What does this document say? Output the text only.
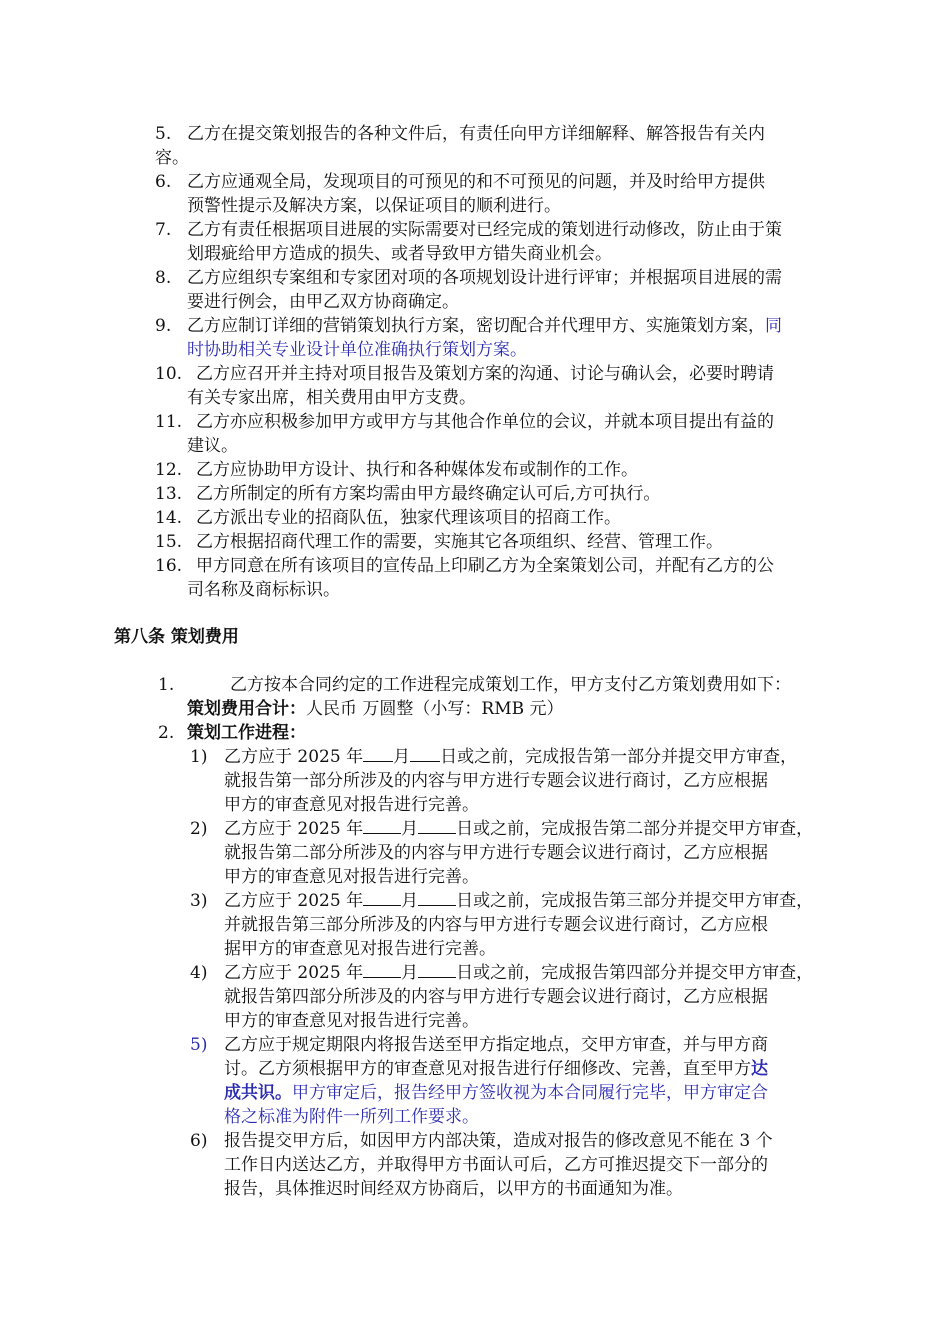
5. 乙方在提交策划报告的各种文件后，有责任向甲方详细解释、解答报告有关内
容。
6. 乙方应通观全局，发现项目的可预见的和不可预见的问题，并及时给甲方提供
预警性提示及解决方案，以保证项目的顺利进行。
7. 乙方有责任根据项目进展的实际需要对已经完成的策划进行动修改，防止由于策
划瑕疵给甲方造成的损失、或者导致甲方错失商业机会。
8. 乙方应组织专案组和专家团对项的各项规划设计进行评审；并根据项目进展的需
要进行例会，由甲乙双方协商确定。
9. 乙方应制订详细的营销策划执行方案，密切配合并代理甲方、实施策划方案，同
时协助相关专业设计单位准确执行策划方案。
10. 乙方应召开并主持对项目报告及策划方案的沟通、讨论与确认会，必要时聘请
有关专家出席，相关费用由甲方支费。
11. 乙方亦应积极参加甲方或甲方与其他合作单位的会议，并就本项目提出有益的
建议。
12. 乙方应协助甲方设计、执行和各种媒体发布或制作的工作。
13. 乙方所制定的所有方案均需由甲方最终确定认可后,方可执行。
14. 乙方派出专业的招商队伍，独家代理该项目的招商工作。
15. 乙方根据招商代理工作的需要，实施其它各项组织、经营、管理工作。
16. 甲方同意在所有该项目的宣传品上印刷乙方为全案策划公司，并配有乙方的公
司名称及商标标识。
第八条 策划费用
1.	乙方按本合同约定的工作进程完成策划工作，甲方支付乙方策划费用如下：
策划费用合计：人民币 万圆整（小写：RMB 元）
2. 策划工作进程：
1) 乙方应于 2025 年 月 日或之前，完成报告第一部分并提交甲方审查，
就报告第一部分所涉及的内容与甲方进行专题会议进行商讨，乙方应根据
甲方的审查意见对报告进行完善。
2) 乙方应于 2025 年 月 日或之前，完成报告第二部分并提交甲方审查，
就报告第二部分所涉及的内容与甲方进行专题会议进行商讨，乙方应根据
甲方的审查意见对报告进行完善。
3) 乙方应于 2025 年 月 日或之前，完成报告第三部分并提交甲方审查，
并就报告第三部分所涉及的内容与甲方进行专题会议进行商讨，乙方应根
据甲方的审查意见对报告进行完善。
4) 乙方应于 2025 年 月 日或之前，完成报告第四部分并提交甲方审查，
就报告第四部分所涉及的内容与甲方进行专题会议进行商讨，乙方应根据
甲方的审查意见对报告进行完善。
5) 乙方应于规定期限内将报告送至甲方指定地点，交甲方审查，并与甲方商
讨。乙方须根据甲方的审查意见对报告进行仔细修改、完善，直至甲方达
成共识。甲方审定后，报告经甲方签收视为本合同履行完毕，甲方审定合
格之标准为附件一所列工作要求。
6) 报告提交甲方后，如因甲方内部决策，造成对报告的修改意见不能在 3 个
工作日内送达乙方，并取得甲方书面认可后，乙方可推迟提交下一部分的
报告，具体推迟时间经双方协商后，以甲方的书面通知为准。
